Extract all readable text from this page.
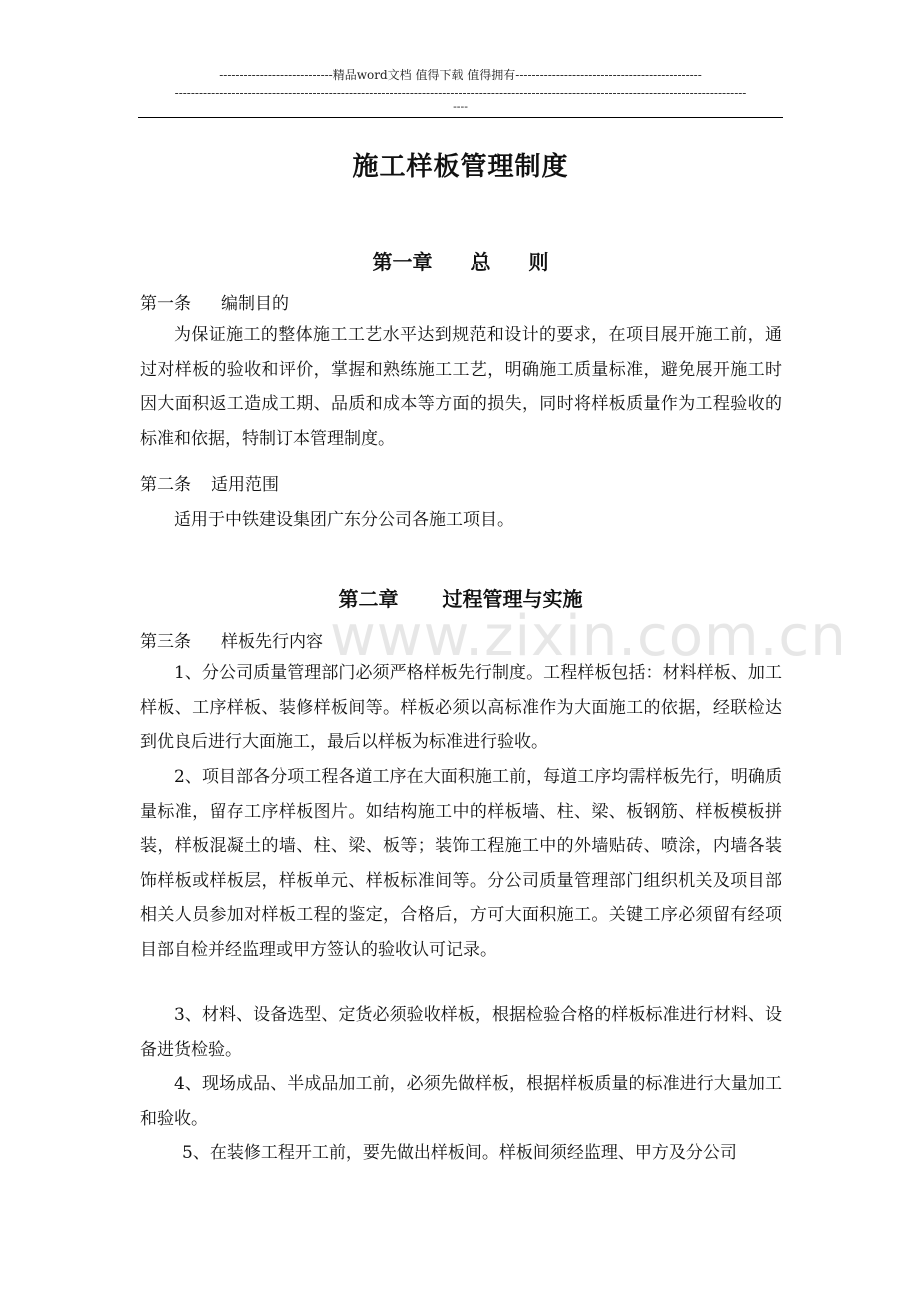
----------------------------精品word文档 值得下载 值得拥有----------------------------------------------
---------------------------------------------------------------------------------------------------------------------------------------------
----
施工样板管理制度
第一章 总 则
第一条 编制目的
为保证施工的整体施工工艺水平达到规范和设计的要求，在项目展开施工前，通过对样板的验收和评价，掌握和熟练施工工艺，明确施工质量标准，避免展开施工时因大面积返工造成工期、品质和成本等方面的损失，同时将样板质量作为工程验收的标准和依据，特制订本管理制度。
第二条 适用范围
适用于中铁建设集团广东分公司各施工项目。
第二章 过程管理与实施
第三条 样板先行内容
1、分公司质量管理部门必须严格样板先行制度。工程样板包括：材料样板、加工样板、工序样板、装修样板间等。样板必须以高标准作为大面施工的依据，经联检达到优良后进行大面施工，最后以样板为标准进行验收。
2、项目部各分项工程各道工序在大面积施工前，每道工序均需样板先行，明确质量标准，留存工序样板图片。如结构施工中的样板墙、柱、梁、板钢筋、样板模板拼装，样板混凝土的墙、柱、梁、板等；装饰工程施工中的外墙贴砖、喷涂，内墙各装饰样板或样板层，样板单元、样板标准间等。分公司质量管理部门组织机关及项目部相关人员参加对样板工程的鉴定，合格后，方可大面积施工。关键工序必须留有经项目部自检并经监理或甲方签认的验收认可记录。
3、材料、设备选型、定货必须验收样板，根据检验合格的样板标准进行材料、设备进货检验。
4、现场成品、半成品加工前，必须先做样板，根据样板质量的标准进行大量加工和验收。
5、在装修工程开工前，要先做出样板间。样板间须经监理、甲方及分公司
www.zixin.com.cn
